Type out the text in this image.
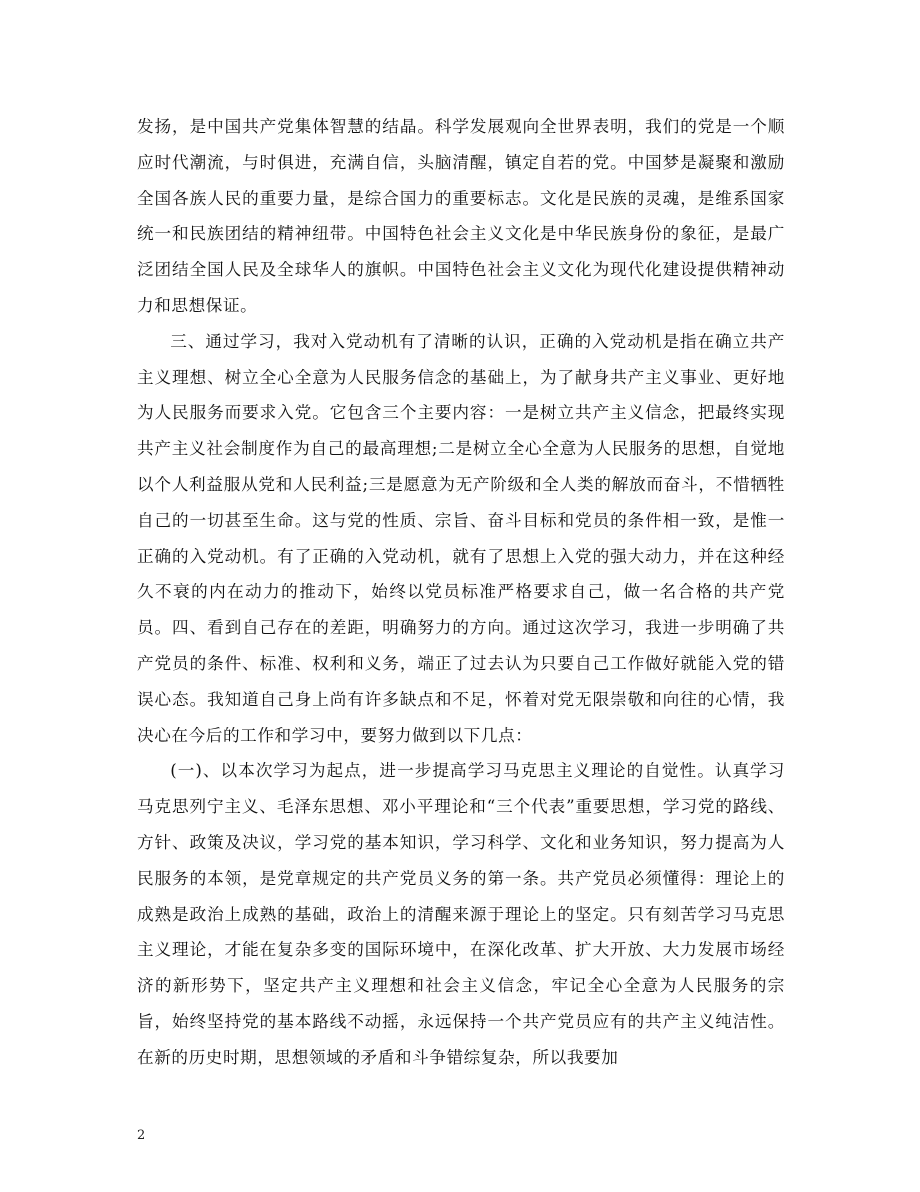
发扬，是中国共产党集体智慧的结晶。科学发展观向全世界表明，我们的党是一个顺应时代潮流，与时俱进，充满自信，头脑清醒，镇定自若的党。中国梦是凝聚和激励全国各族人民的重要力量，是综合国力的重要标志。文化是民族的灵魂，是维系国家统一和民族团结的精神纽带。中国特色社会主义文化是中华民族身份的象征，是最广泛团结全国人民及全球华人的旗帜。中国特色社会主义文化为现代化建设提供精神动力和思想保证。

三、通过学习，我对入党动机有了清晰的认识，正确的入党动机是指在确立共产主义理想、树立全心全意为人民服务信念的基础上，为了献身共产主义事业、更好地为人民服务而要求入党。它包含三个主要内容：一是树立共产主义信念，把最终实现共产主义社会制度作为自己的最高理想;二是树立全心全意为人民服务的思想，自觉地以个人利益服从党和人民利益;三是愿意为无产阶级和全人类的解放而奋斗，不惜牺牲自己的一切甚至生命。这与党的性质、宗旨、奋斗目标和党员的条件相一致，是惟一正确的入党动机。有了正确的入党动机，就有了思想上入党的强大动力，并在这种经久不衰的内在动力的推动下，始终以党员标准严格要求自己，做一名合格的共产党员。四、看到自己存在的差距，明确努力的方向。通过这次学习，我进一步明确了共产党员的条件、标准、权利和义务，端正了过去认为只要自己工作做好就能入党的错误心态。我知道自己身上尚有许多缺点和不足，怀着对党无限崇敬和向往的心情，我决心在今后的工作和学习中，要努力做到以下几点：

(一)、以本次学习为起点，进一步提高学习马克思主义理论的自觉性。认真学习马克思列宁主义、毛泽东思想、邓小平理论和“三个代表”重要思想，学习党的路线、方针、政策及决议，学习党的基本知识，学习科学、文化和业务知识，努力提高为人民服务的本领，是党章规定的共产党员义务的第一条。共产党员必须懂得：理论上的成熟是政治上成熟的基础，政治上的清醒来源于理论上的坚定。只有刻苦学习马克思主义理论，才能在复杂多变的国际环境中，在深化改革、扩大开放、大力发展市场经济的新形势下，坚定共产主义理想和社会主义信念，牢记全心全意为人民服务的宗旨，始终坚持党的基本路线不动摇，永远保持一个共产党员应有的共产主义纯洁性。在新的历史时期，思想领域的矛盾和斗争错综复杂，所以我要加

2
